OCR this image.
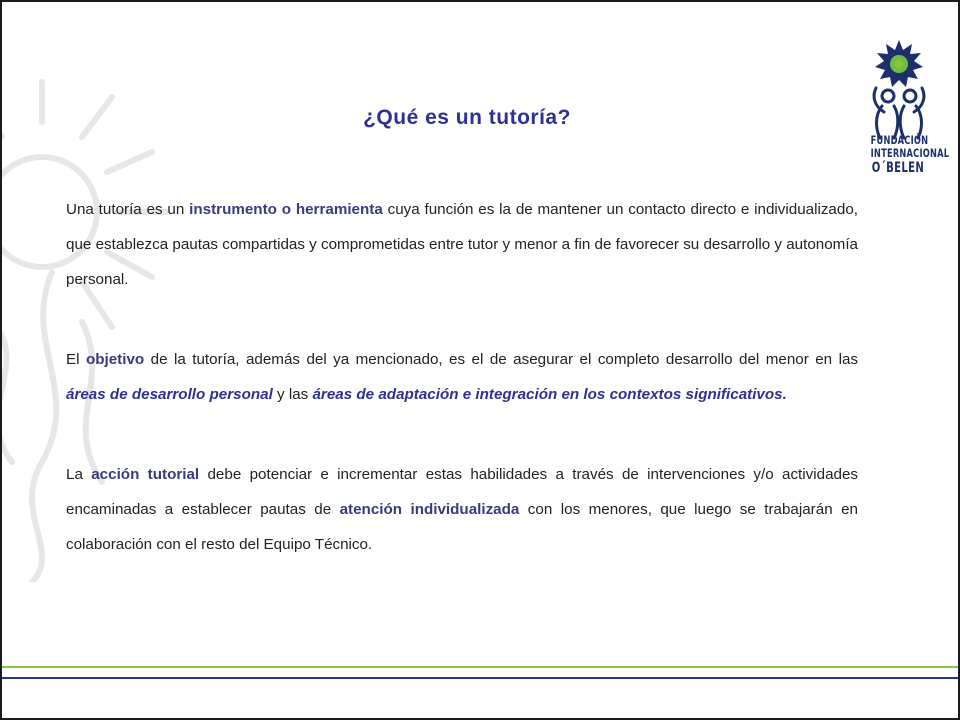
¿Qué es un tutoría?

Una tutoría es un instrumento o herramienta cuya función es la de mantener un contacto directo e individualizado, que establezca pautas compartidas y comprometidas entre tutor y menor a fin de favorecer su desarrollo y autonomía personal.

El objetivo de la tutoría, además del ya mencionado, es el de asegurar el completo desarrollo del menor en las áreas de desarrollo personal y las áreas de adaptación e integración en los contextos significativos.

La acción tutorial debe potenciar e incrementar estas habilidades a través de intervenciones y/o actividades encaminadas a establecer pautas de atención individualizada con los menores, que luego se trabajarán en colaboración con el resto del Equipo Técnico.

FUNDACIÓN
INTERNACIONAL
O´BELEN
